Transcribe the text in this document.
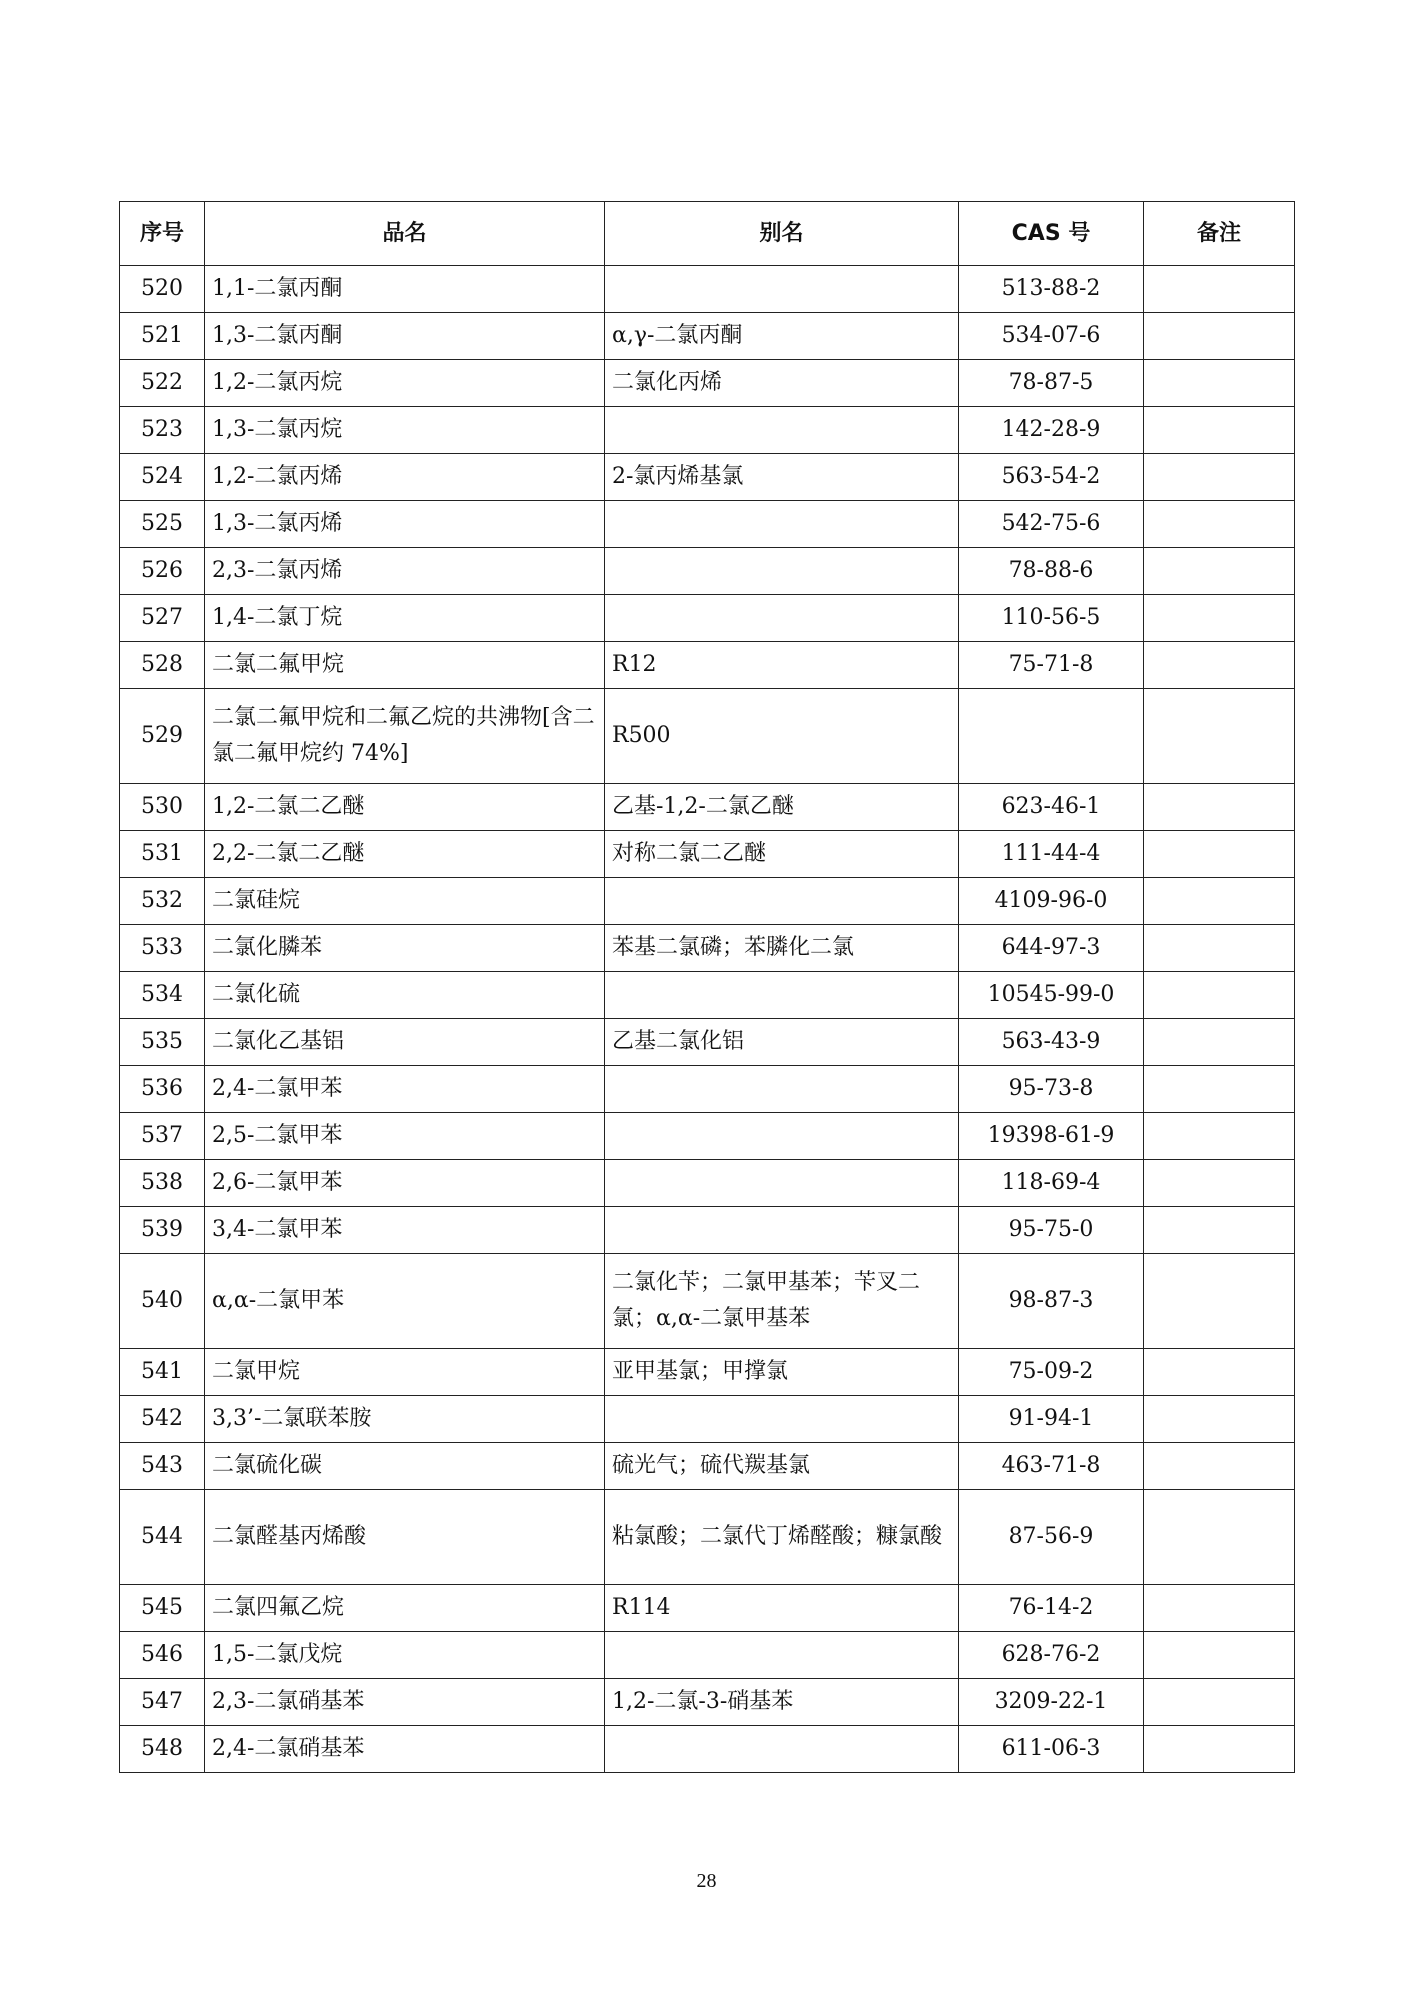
序号	品名	别名	CAS 号	备注
520	1,1-二氯丙酮		513-88-2	
521	1,3-二氯丙酮	α,γ-二氯丙酮	534-07-6	
522	1,2-二氯丙烷	二氯化丙烯	78-87-5	
523	1,3-二氯丙烷		142-28-9	
524	1,2-二氯丙烯	2-氯丙烯基氯	563-54-2	
525	1,3-二氯丙烯		542-75-6	
526	2,3-二氯丙烯		78-88-6	
527	1,4-二氯丁烷		110-56-5	
528	二氯二氟甲烷	R12	75-71-8	
529	二氯二氟甲烷和二氟乙烷的共沸物[含二氯二氟甲烷约 74%]	R500		
530	1,2-二氯二乙醚	乙基-1,2-二氯乙醚	623-46-1	
531	2,2-二氯二乙醚	对称二氯二乙醚	111-44-4	
532	二氯硅烷		4109-96-0	
533	二氯化膦苯	苯基二氯磷；苯膦化二氯	644-97-3	
534	二氯化硫		10545-99-0	
535	二氯化乙基铝	乙基二氯化铝	563-43-9	
536	2,4-二氯甲苯		95-73-8	
537	2,5-二氯甲苯		19398-61-9	
538	2,6-二氯甲苯		118-69-4	
539	3,4-二氯甲苯		95-75-0	
540	α,α-二氯甲苯	二氯化苄；二氯甲基苯；苄叉二氯；α,α-二氯甲基苯	98-87-3	
541	二氯甲烷	亚甲基氯；甲撑氯	75-09-2	
542	3,3’-二氯联苯胺		91-94-1	
543	二氯硫化碳	硫光气；硫代羰基氯	463-71-8	
544	二氯醛基丙烯酸	粘氯酸；二氯代丁烯醛酸；糠氯酸	87-56-9	
545	二氯四氟乙烷	R114	76-14-2	
546	1,5-二氯戊烷		628-76-2	
547	2,3-二氯硝基苯	1,2-二氯-3-硝基苯	3209-22-1	
548	2,4-二氯硝基苯		611-06-3	
28
